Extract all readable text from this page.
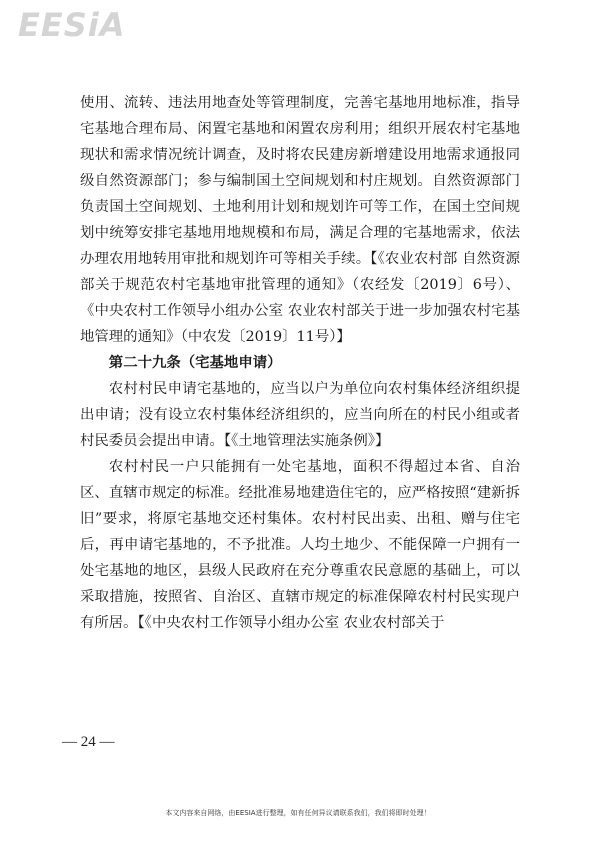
EESiA

使用、流转、违法用地查处等管理制度，完善宅基地用地标准，指导宅基地合理布局、闲置宅基地和闲置农房利用；组织开展农村宅基地现状和需求情况统计调查，及时将农民建房新增建设用地需求通报同级自然资源部门；参与编制国土空间规划和村庄规划。自然资源部门负责国土空间规划、土地利用计划和规划许可等工作，在国土空间规划中统筹安排宅基地用地规模和布局，满足合理的宅基地需求，依法办理农用地转用审批和规划许可等相关手续。【《农业农村部 自然资源部关于规范农村宅基地审批管理的通知》（农经发〔2019〕6号）、《中央农村工作领导小组办公室 农业农村部关于进一步加强农村宅基地管理的通知》（中农发〔2019〕11号）】

第二十九条（宅基地申请）

农村村民申请宅基地的，应当以户为单位向农村集体经济组织提出申请；没有设立农村集体经济组织的，应当向所在的村民小组或者村民委员会提出申请。【《土地管理法实施条例》】

农村村民一户只能拥有一处宅基地，面积不得超过本省、自治区、直辖市规定的标准。经批准易地建造住宅的，应严格按照“建新拆旧”要求，将原宅基地交还村集体。农村村民出卖、出租、赠与住宅后，再申请宅基地的，不予批准。人均土地少、不能保障一户拥有一处宅基地的地区，县级人民政府在充分尊重农民意愿的基础上，可以采取措施，按照省、自治区、直辖市规定的标准保障农村村民实现户有所居。【《中央农村工作领导小组办公室 农业农村部关于

— 24 —
本文内容来自网络，由EESIA进行整理，如有任何异议请联系我们，我们将即时处理！
